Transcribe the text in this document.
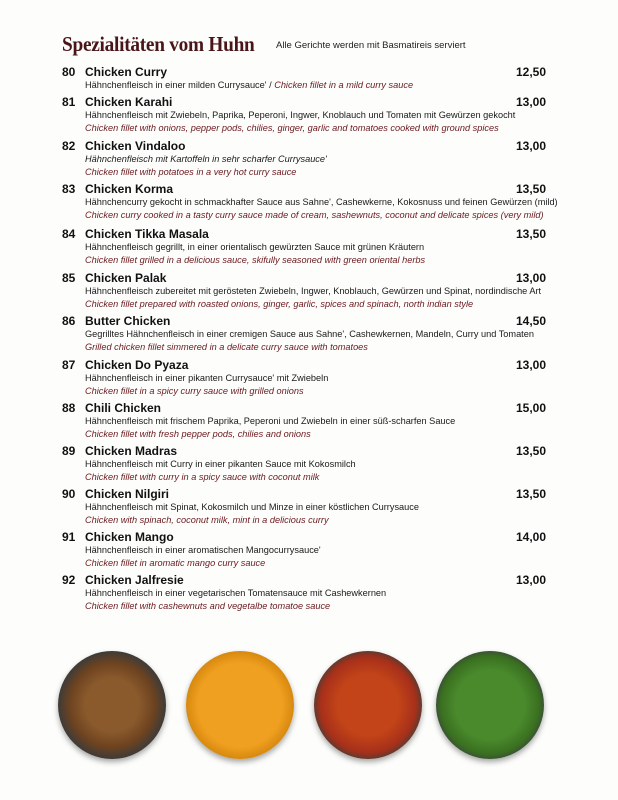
Spezialitäten vom Huhn Alle Gerichte werden mit Basmatireis serviert
80 Chicken Curry	12,50
Hähnchenfleisch in einer milden Currysauce' / Chicken fillet in a mild curry sauce
81 Chicken Karahi	13,00
Hähnchenfleisch mit Zwiebeln, Paprika, Peperoni, Ingwer, Knoblauch und Tomaten mit Gewürzen gekocht
Chicken fillet with onions, pepper pods, chilies, ginger, garlic and tomatoes cooked with ground spices
82 Chicken Vindaloo	13,00
Hähnchenfleisch mit Kartoffeln in sehr scharfer Currysauce'
Chicken fillet with potatoes in a very hot curry sauce
83 Chicken Korma	13,50
Hähnchencurry gekocht in schmackhafter Sauce aus Sahne', Cashewkerne, Kokosnuss und feinen Gewürzen (mild)
Chicken curry cooked in a tasty curry sauce made of cream, sashewnuts, coconut and delicate spices (very mild)
84 Chicken Tikka Masala	13,50
Hähnchenfleisch gegrillt, in einer orientalisch gewürzten Sauce mit grünen Kräutern
Chicken fillet grilled in a delicious sauce, skifully seasoned with green oriental herbs
85 Chicken Palak	13,00
Hähnchenfleisch zubereitet mit gerösteten Zwiebeln, Ingwer, Knoblauch, Gewürzen und Spinat, nordindische Art
Chicken fillet prepared with roasted onions, ginger, garlic, spices and spinach, north indian style
86 Butter Chicken	14,50
Gegrilltes Hähnchenfleisch in einer cremigen Sauce aus Sahne', Cashewkernen, Mandeln, Curry und Tomaten
Grilled chicken fillet simmered in a delicate curry sauce with tomatoes
87 Chicken Do Pyaza	13,00
Hähnchenfleisch in einer pikanten Currysauce' mit Zwiebeln
Chicken fillet in a spicy curry sauce with grilled onions
88 Chili Chicken	15,00
Hähnchenfleisch mit frischem Paprika, Peperoni und Zwiebeln in einer süß-scharfen Sauce
Chicken fillet with fresh pepper pods, chilies and onions
89 Chicken Madras	13,50
Hähnchenfleisch mit Curry in einer pikanten Sauce mit Kokosmilch
Chicken fillet with curry in a spicy sauce with coconut milk
90 Chicken Nilgiri	13,50
Hähnchenfleisch mit Spinat, Kokosmilch und Minze in einer köstlichen Currysauce
Chicken with spinach, coconut milk, mint in a delicious curry
91 Chicken Mango	14,00
Hähnchenfleisch in einer aromatischen Mangocurrysauce'
Chicken fillet in aromatic mango curry sauce
92 Chicken Jalfresie	13,00
Hähnchenfleisch in einer vegetarischen Tomatensauce mit Cashewkernen
Chicken fillet with cashewnuts and vegetalbe tomatoe sauce
